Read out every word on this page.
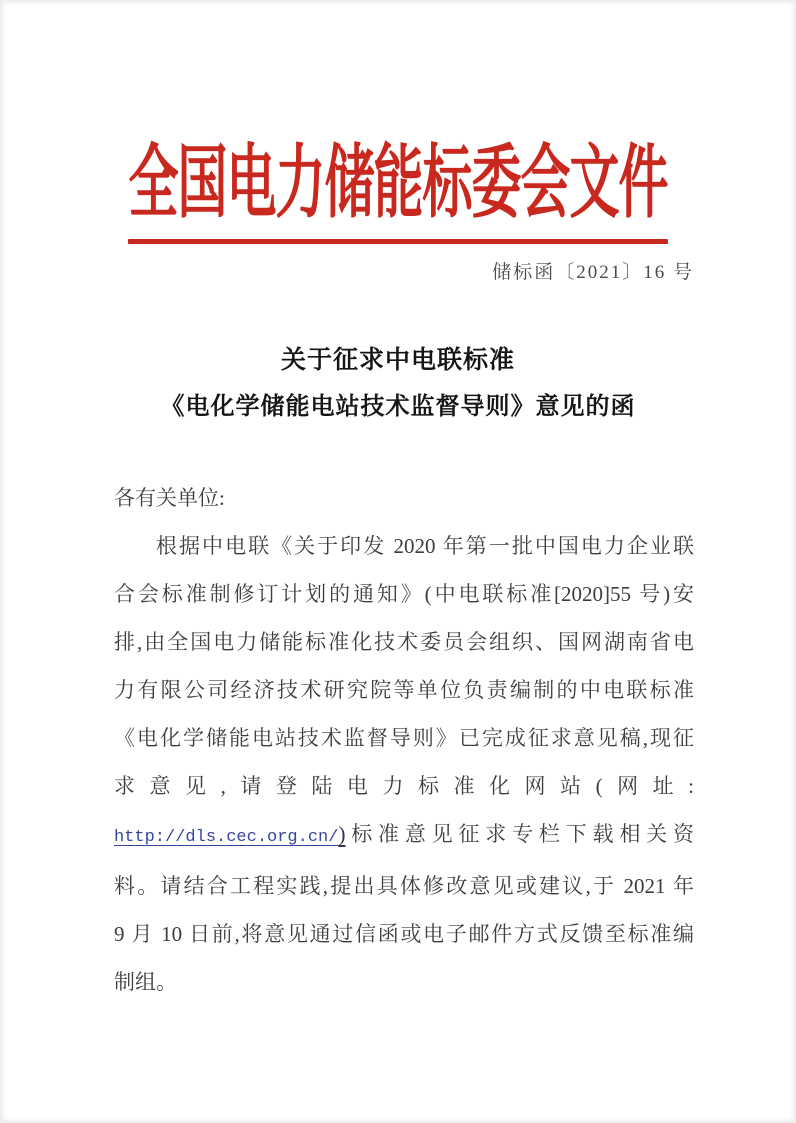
全国电力储能标委会文件
储标函〔2021〕16 号
关于征求中电联标准
《电化学储能电站技术监督导则》意见的函
各有关单位:
根据中电联《关于印发 2020 年第一批中国电力企业联
合会标准制修订计划的通知》(中电联标准[2020]55 号)安
排,由全国电力储能标准化技术委员会组织、国网湖南省电
力有限公司经济技术研究院等单位负责编制的中电联标准
《电化学储能电站技术监督导则》已完成征求意见稿,现征
求意见,请登陆电力标准化网站(网址:
http://dls.cec.org.cn/)标准意见征求专栏下载相关资
料。请结合工程实践,提出具体修改意见或建议,于 2021 年
9 月 10 日前,将意见通过信函或电子邮件方式反馈至标准编
制组。
